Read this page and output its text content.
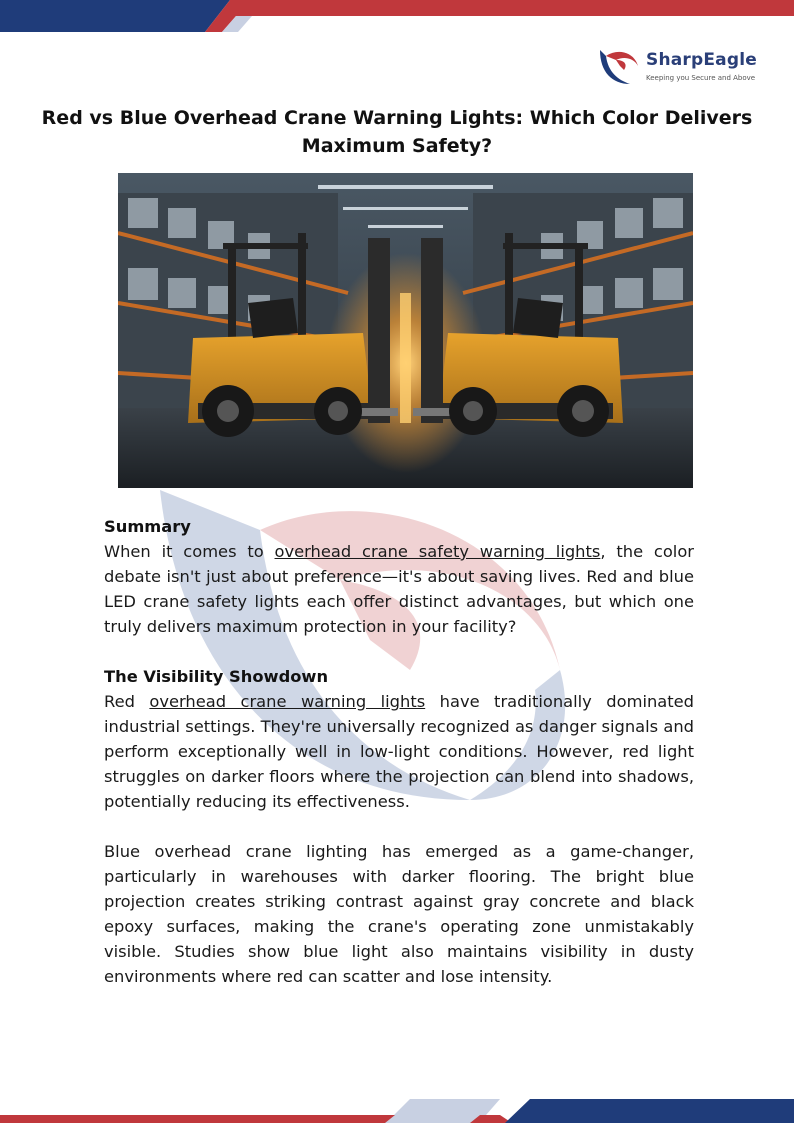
SharpEagle
Keeping you Secure and Above
Red vs Blue Overhead Crane Warning Lights: Which Color Delivers Maximum Safety?
Summary

When it comes to overhead crane safety warning lights, the color debate isn't just about preference—it's about saving lives. Red and blue LED crane safety lights each offer distinct advantages, but which one truly delivers maximum protection in your facility?

The Visibility Showdown

Red overhead crane warning lights have traditionally dominated industrial settings. They're universally recognized as danger signals and perform exceptionally well in low-light conditions. However, red light struggles on darker floors where the projection can blend into shadows, potentially reducing its effectiveness.

Blue overhead crane lighting has emerged as a game-changer, particularly in warehouses with darker flooring. The bright blue projection creates striking contrast against gray concrete and black epoxy surfaces, making the crane's operating zone unmistakably visible. Studies show blue light also maintains visibility in dusty environments where red can scatter and lose intensity.
